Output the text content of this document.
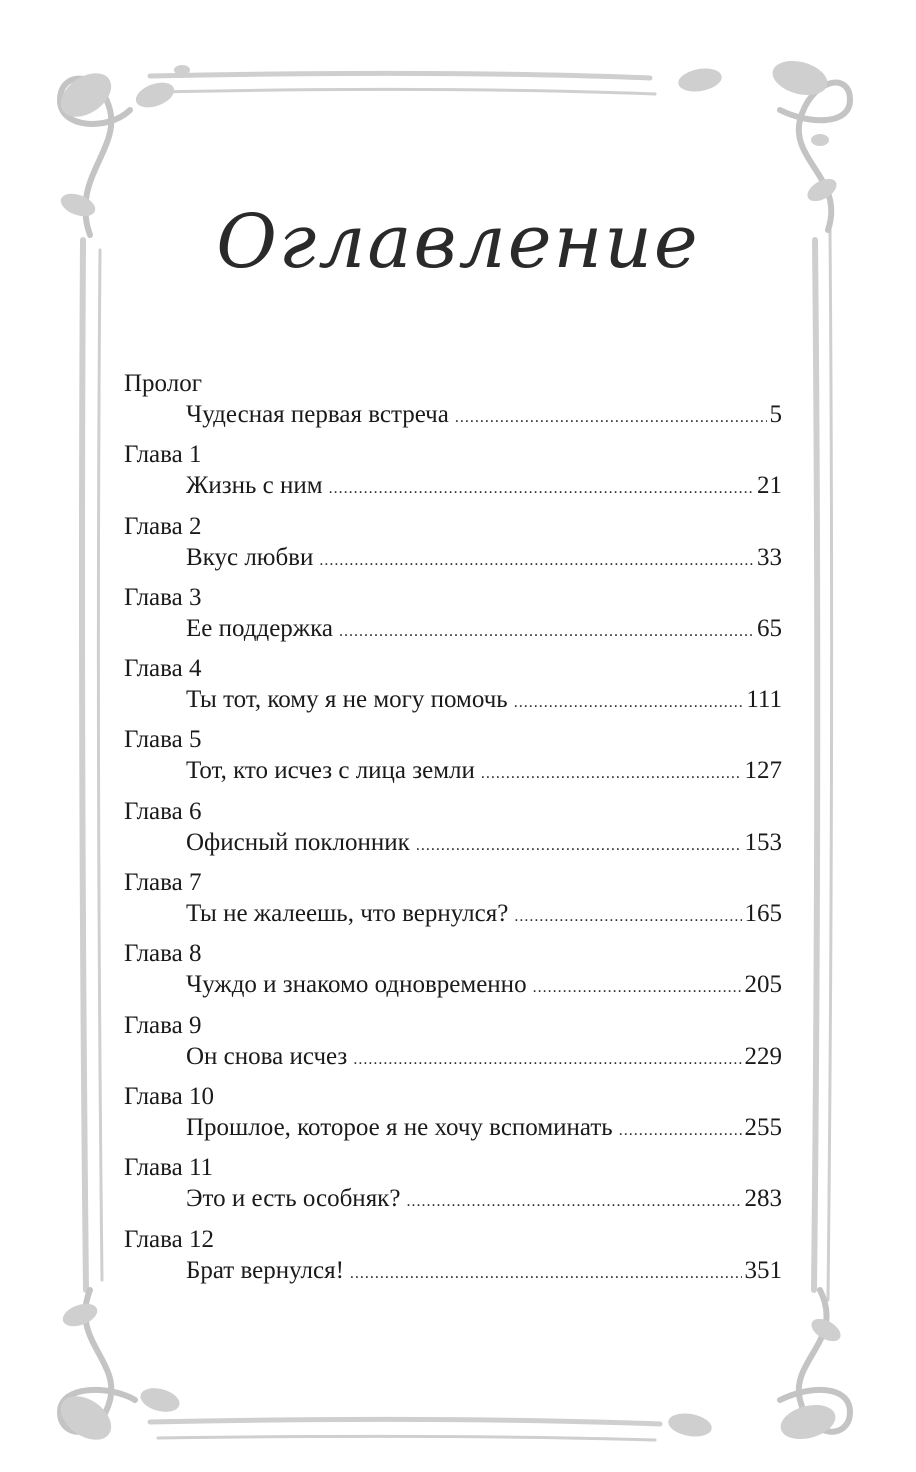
Оглавление
Пролог
Чудесная первая встреча .....	5
Глава 1
Жизнь с ним .....	21
Глава 2
Вкус любви .....	33
Глава 3
Ее поддержка .....	65
Глава 4
Ты тот, кому я не могу помочь .....	111
Глава 5
Тот, кто исчез с лица земли .....	127
Глава 6
Офисный поклонник .....	153
Глава 7
Ты не жалеешь, что вернулся? .....	165
Глава 8
Чуждо и знакомо одновременно .....	205
Глава 9
Он снова исчез .....	229
Глава 10
Прошлое, которое я не хочу вспоминать .....	255
Глава 11
Это и есть особняк? .....	283
Глава 12
Брат вернулся! .....	351
